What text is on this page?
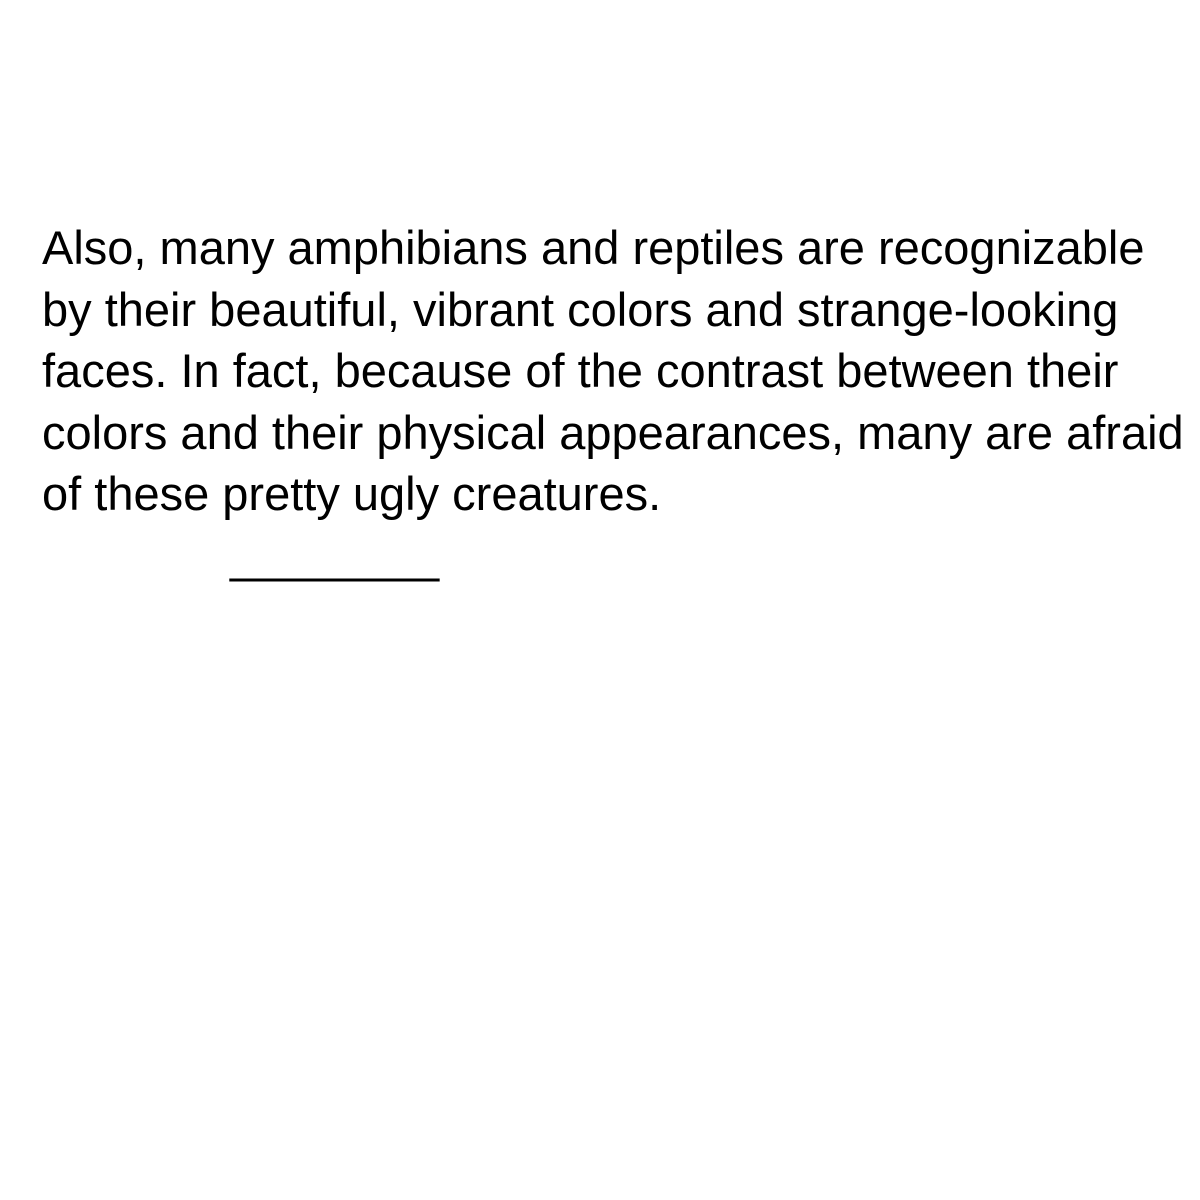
Also, many amphibians and reptiles are recognizable
by their beautiful, vibrant colors and strange-looking
faces. In fact, because of the contrast between their
colors and their physical appearances, many are afraid
of these pretty ugly creatures.
________
